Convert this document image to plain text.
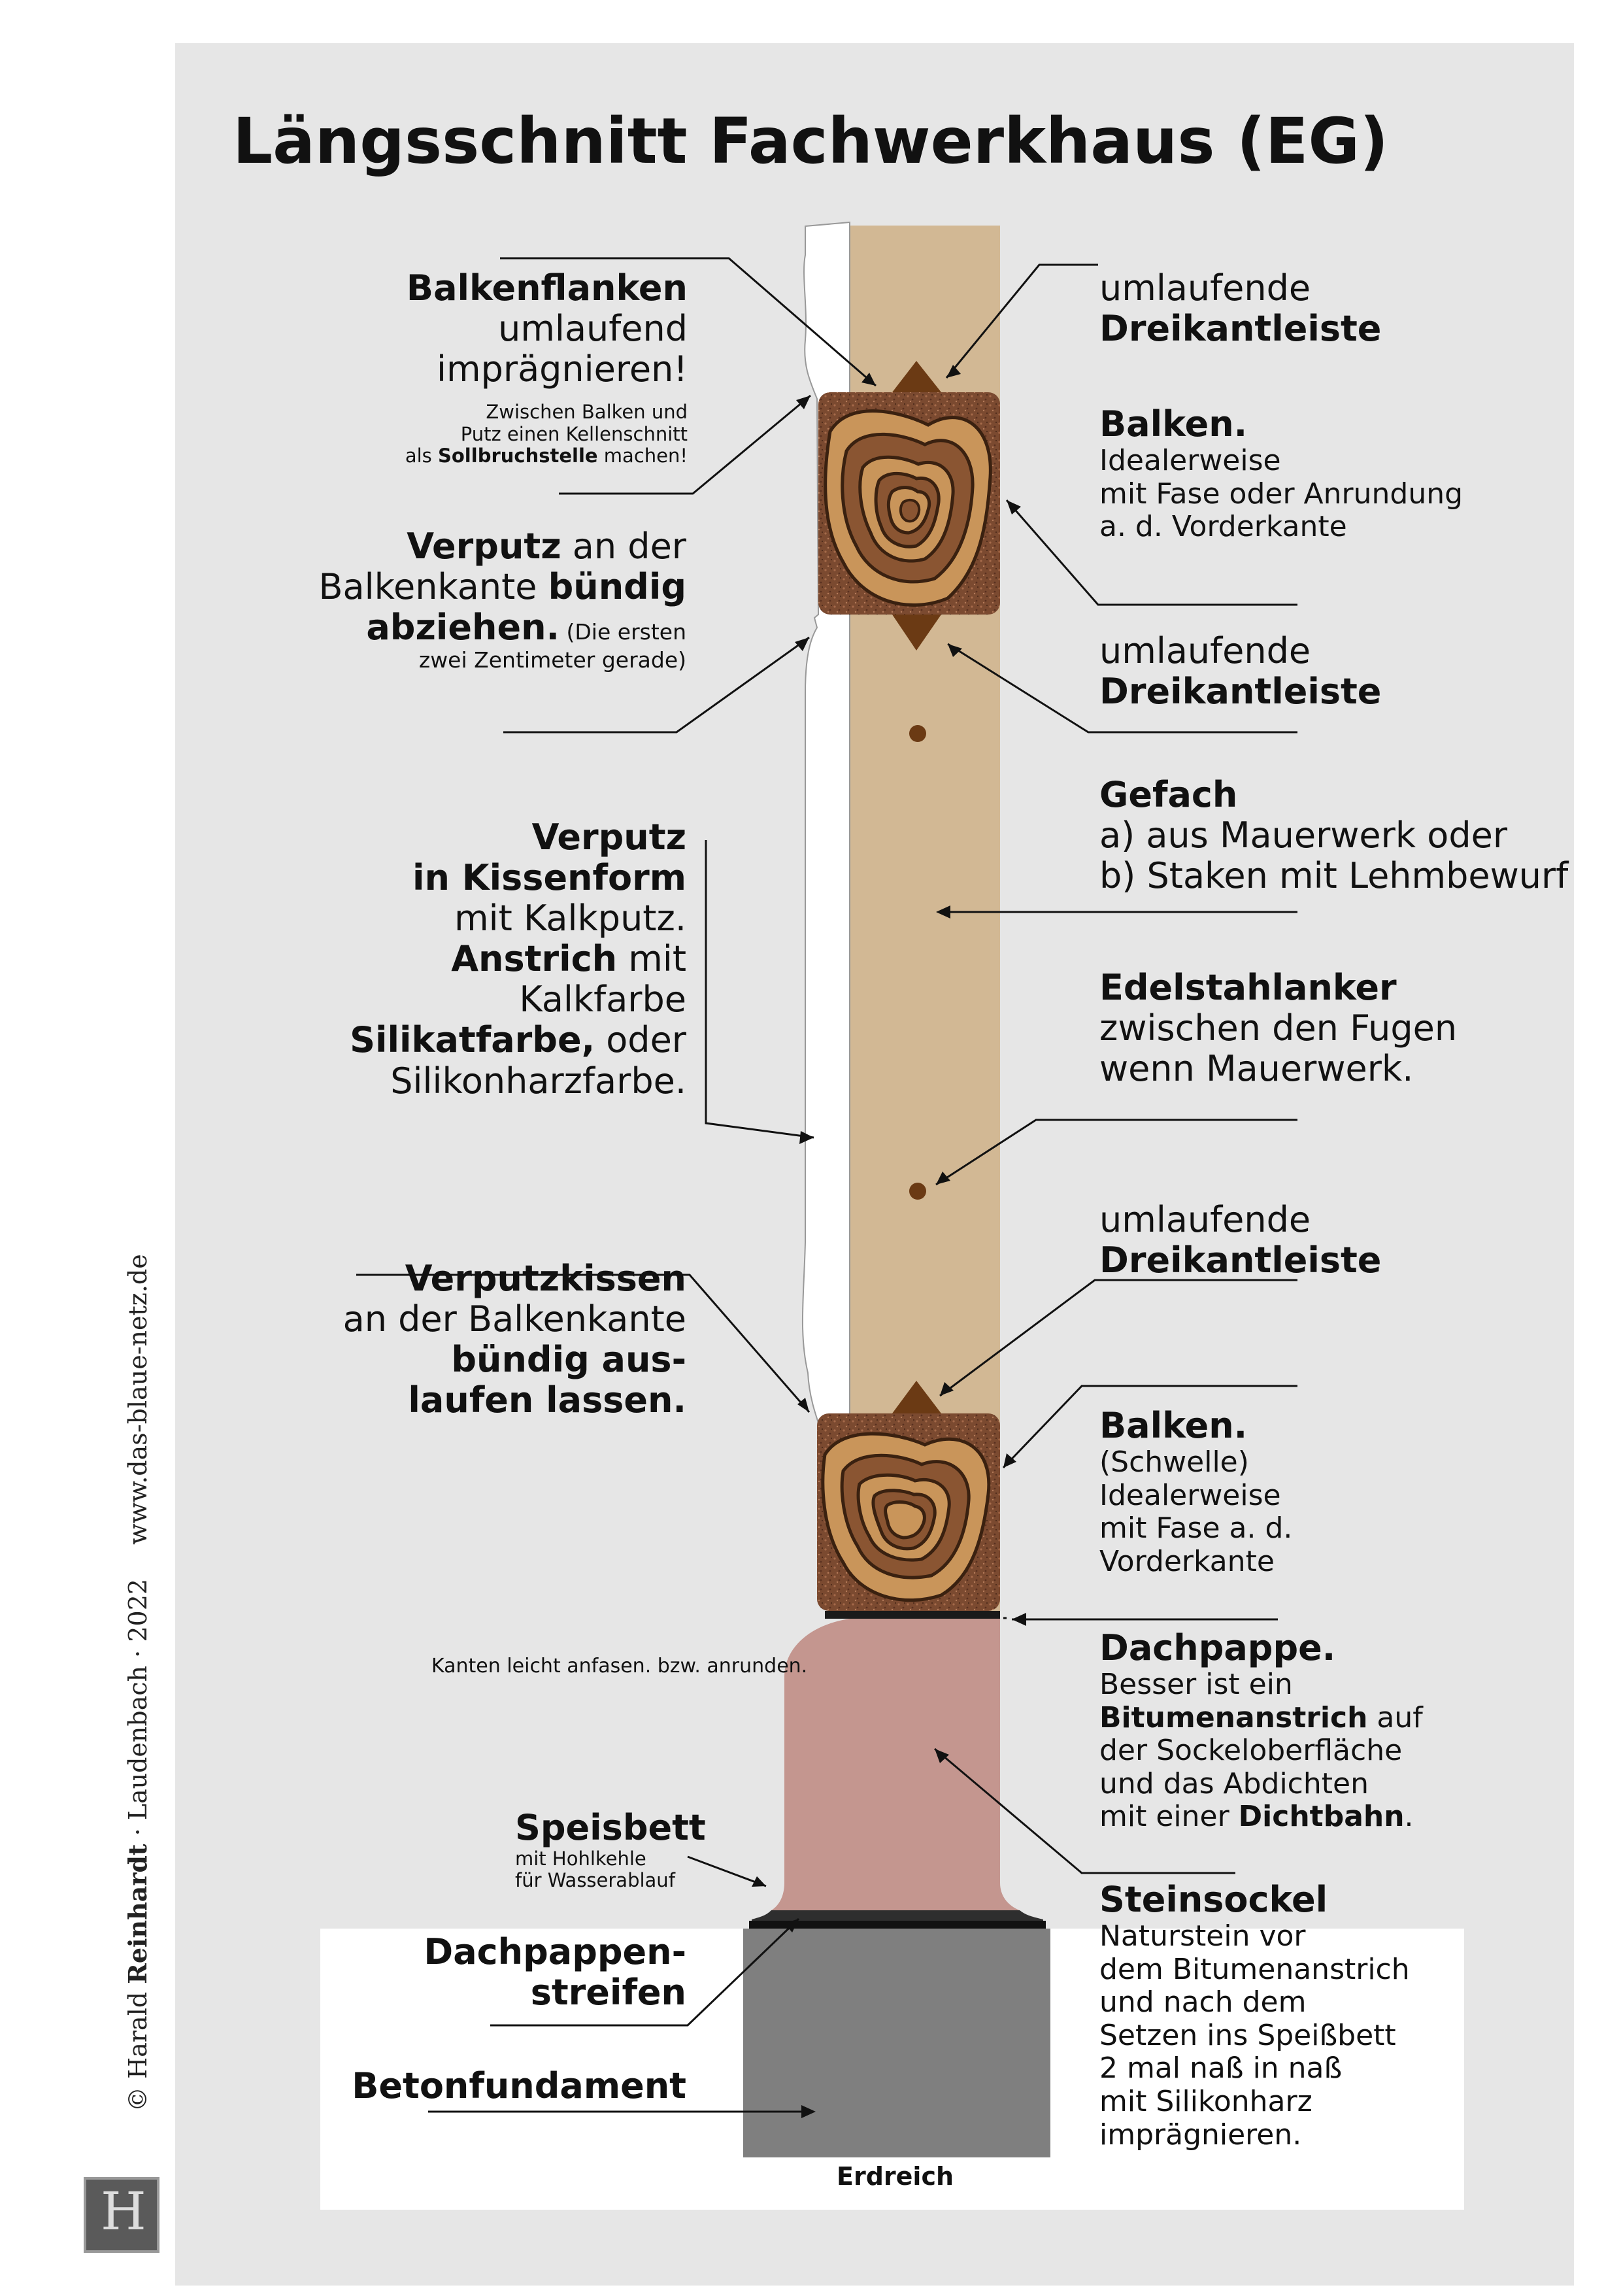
Längsschnitt Fachwerkhaus (EG)
Balkenflanken
umlaufend
imprägnieren!
Zwischen Balken und
Putz einen Kellenschnitt
als Sollbruchstelle machen!
Verputz an der
Balkenkante bündig
abziehen. (Die ersten
zwei Zentimeter gerade)
Verputz
in Kissenform
mit Kalkputz.
Anstrich mit
Kalkfarbe
Silikatfarbe, oder
Silikonharzfarbe.
Verputzkissen
an der Balkenkante
bündig aus-
laufen lassen.
Kanten leicht anfasen. bzw. anrunden.
Speisbett
mit Hohlkehle
für Wasserablauf
Dachpappen-
streifen
Betonfundament
Erdreich
umlaufende
Dreikantleiste
Balken.
Idealerweise
mit Fase oder Anrundung
a. d. Vorderkante
umlaufende
Dreikantleiste
Gefach
a) aus Mauerwerk oder
b) Staken mit Lehmbewurf
Edelstahlanker
zwischen den Fugen
wenn Mauerwerk.
umlaufende
Dreikantleiste
Balken.
(Schwelle)
Idealerweise
mit Fase a. d.
Vorderkante
Dachpappe.
Besser ist ein
Bitumenanstrich auf
der Sockeloberfläche
und das Abdichten
mit einer Dichtbahn.
Steinsockel
Naturstein vor
dem Bitumenanstrich
und nach dem
Setzen ins Speißbett
2 mal naß in naß
mit Silikonharz
imprägnieren.
© Harald Reinhardt · Laudenbach · 2022 www.das-blaue-netz.de
H
